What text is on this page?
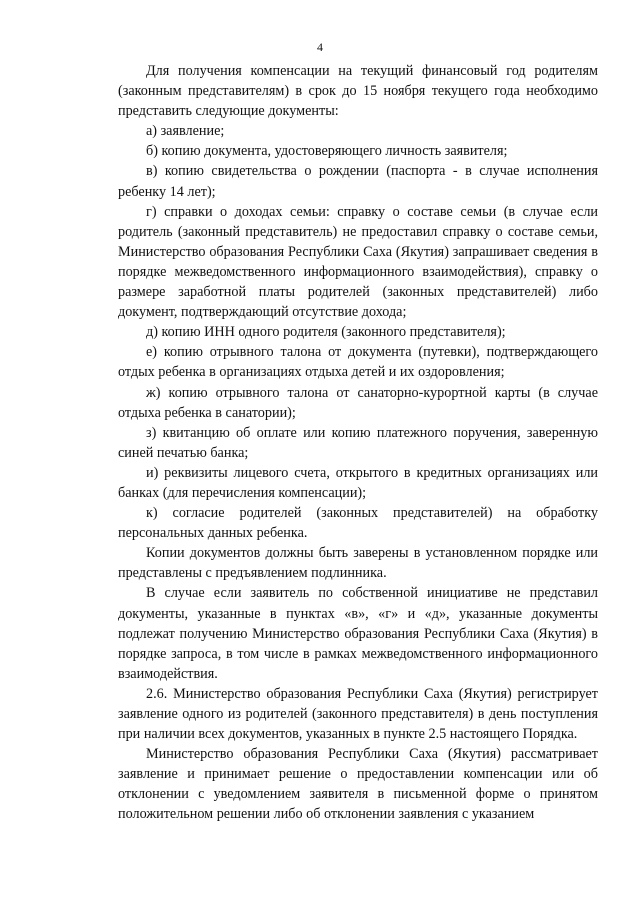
4

Для получения компенсации на текущий финансовый год родителям (законным представителям) в срок до 15 ноября текущего года необходимо представить следующие документы:

а) заявление;

б) копию документа, удостоверяющего личность заявителя;

в) копию свидетельства о рождении (паспорта - в случае исполнения ребенку 14 лет);

г) справки о доходах семьи: справку о составе семьи (в случае если родитель (законный представитель) не предоставил справку о составе семьи, Министерство образования Республики Саха (Якутия) запрашивает сведения в порядке межведомственного информационного взаимодействия), справку о размере заработной платы родителей (законных представителей) либо документ, подтверждающий отсутствие дохода;

д) копию ИНН одного родителя (законного представителя);

е) копию отрывного талона от документа (путевки), подтверждающего отдых ребенка в организациях отдыха детей и их оздоровления;

ж) копию отрывного талона от санаторно-курортной карты (в случае отдыха ребенка в санатории);

з) квитанцию об оплате или копию платежного поручения, заверенную синей печатью банка;

и) реквизиты лицевого счета, открытого в кредитных организациях или банках (для перечисления компенсации);

к) согласие родителей (законных представителей) на обработку персональных данных ребенка.

Копии документов должны быть заверены в установленном порядке или представлены с предъявлением подлинника.

В случае если заявитель по собственной инициативе не представил документы, указанные в пунктах «в», «г» и «д», указанные документы подлежат получению Министерство образования Республики Саха (Якутия) в порядке запроса, в том числе в рамках межведомственного информационного взаимодействия.

2.6. Министерство образования Республики Саха (Якутия) регистрирует заявление одного из родителей (законного представителя) в день поступления при наличии всех документов, указанных в пункте 2.5 настоящего Порядка.

Министерство образования Республики Саха (Якутия) рассматривает заявление и принимает решение о предоставлении компенсации или об отклонении с уведомлением заявителя в письменной форме о принятом положительном решении либо об отклонении заявления с указанием
